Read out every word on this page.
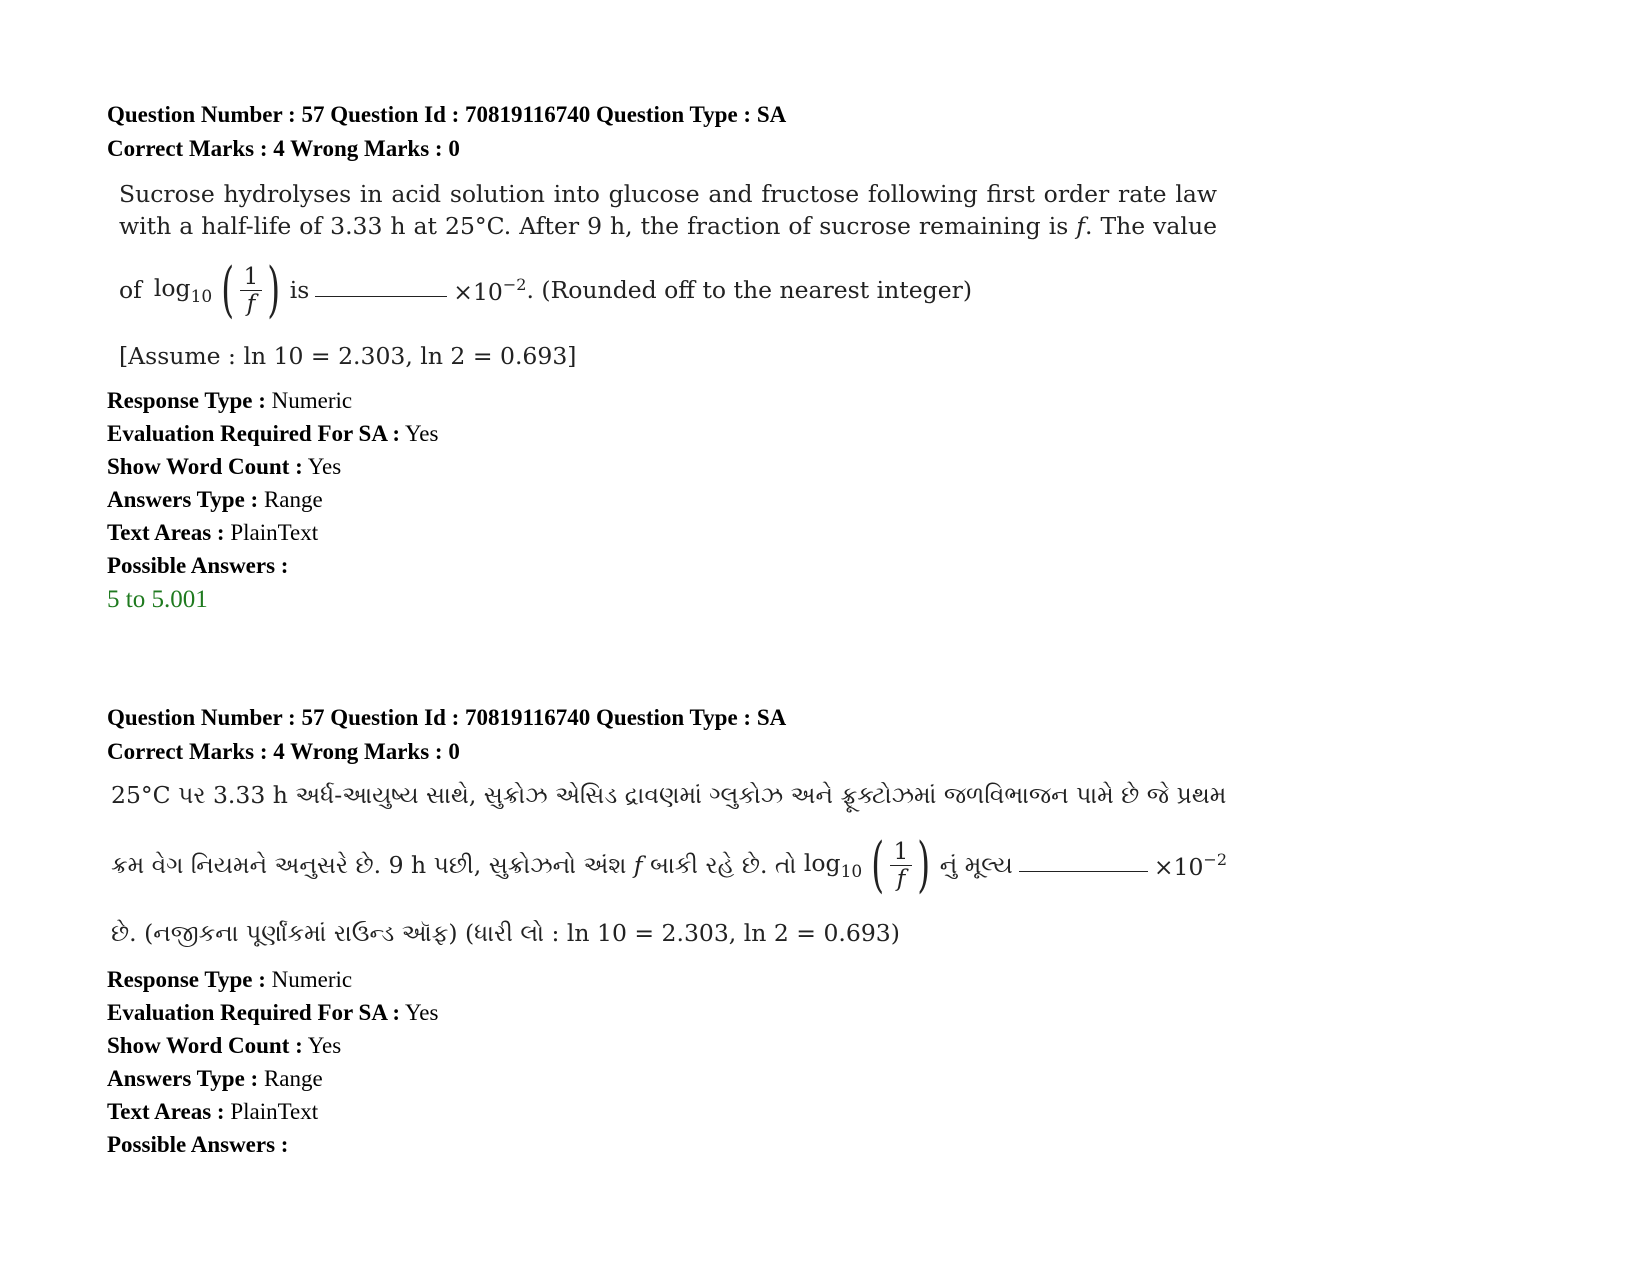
Question Number : 57 Question Id : 70819116740 Question Type : SA

Correct Marks : 4 Wrong Marks : 0

Sucrose hydrolyses in acid solution into glucose and fructose following first order rate law with a half-life of 3.33 h at 25°C. After 9 h, the fraction of sucrose remaining is f. The value

of $\log_{10}$ ( $\frac{1}{f}$ ) is	$\times 10^{-2}$ . (Rounded off to the nearest integer)
[Assume : ln 10 = 2.303, ln 2 = 0.693]

Response Type : Numeric

Evaluation Required For SA : Yes

Show Word Count : Yes

Answers Type : Range

Text Areas : PlainText

Possible Answers :

5 to 5.001

Question Number : 57 Question Id : 70819116740 Question Type : SA

Correct Marks : 4 Wrong Marks : 0

25°C પર 3.33 h અર્ધ-આયુષ્ય સાથે, સુક્રોઝ એસિડ દ્રાવણમાં ગ્લુકોઝ અને ફ્રૂક્ટોઝમાં જળવિભાજન પામે છે જે પ્રથમ
ક્રમ વેગ નિયમને અનુસરે છે. 9 h પછી, સુક્રોઝનો અંશ
f
બાકી રહે છે. તો
$\log_{10}$ ( $\frac{1}{f}$ ) નું મૂલ્ય	$\times 10^{-2}$
છે. (નજીકના પૂર્ણાંકમાં રાઉન્ડ ઑફ) (ધારી લો : ln 10 = 2.303, ln 2 = 0.693)

Response Type : Numeric

Evaluation Required For SA : Yes

Show Word Count : Yes

Answers Type : Range

Text Areas : PlainText

Possible Answers :
